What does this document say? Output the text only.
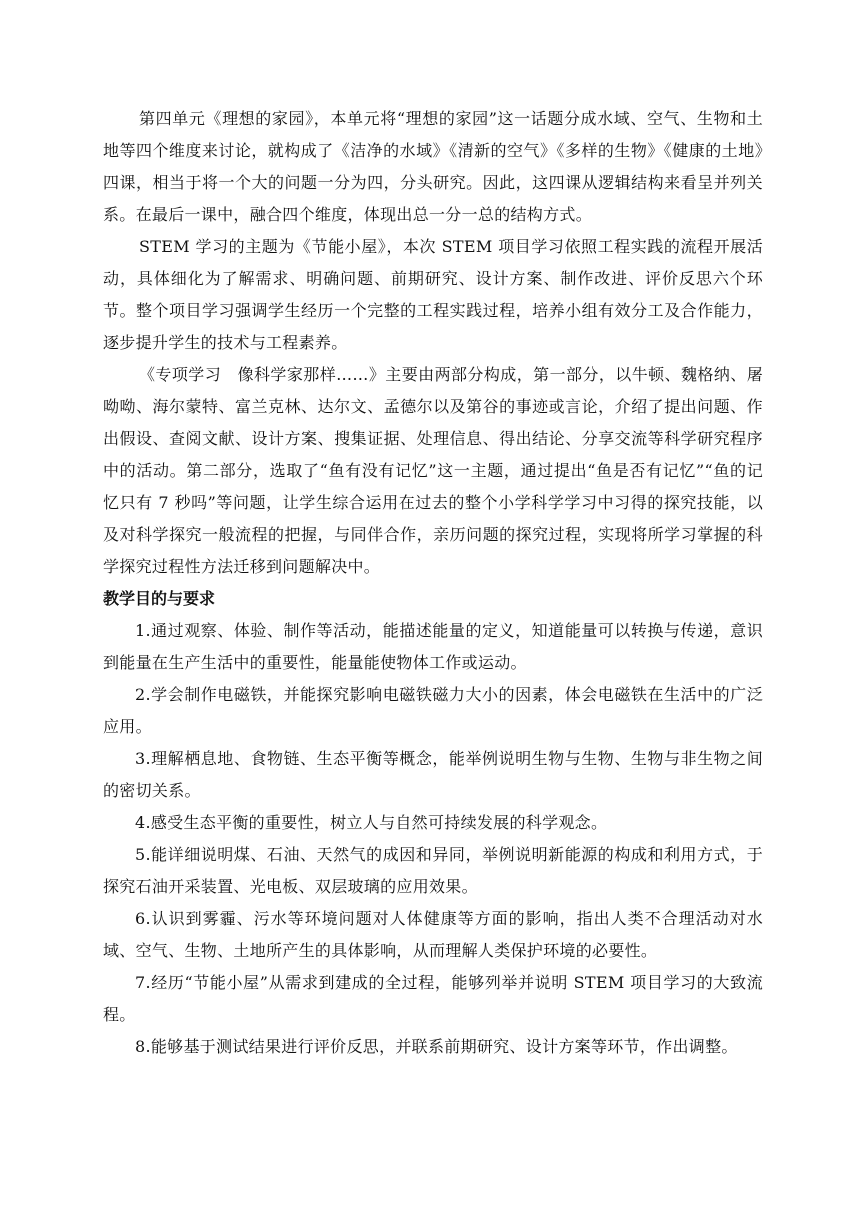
第四单元《理想的家园》，本单元将“理想的家园”这一话题分成水域、空气、生物和土地等四个维度来讨论，就构成了《洁净的水域》《清新的空气》《多样的生物》《健康的土地》四课，相当于将一个大的问题一分为四，分头研究。因此，这四课从逻辑结构来看呈并列关系。在最后一课中，融合四个维度，体现出总一分一总的结构方式。

STEM 学习的主题为《节能小屋》，本次 STEM 项目学习依照工程实践的流程开展活动，具体细化为了解需求、明确问题、前期研究、设计方案、制作改进、评价反思六个环节。整个项目学习强调学生经历一个完整的工程实践过程，培养小组有效分工及合作能力，逐步提升学生的技术与工程素养。

《专项学习　像科学家那样……》主要由两部分构成，第一部分，以牛顿、魏格纳、屠呦呦、海尔蒙特、富兰克林、达尔文、孟德尔以及第谷的事迹或言论，介绍了提出问题、作出假设、查阅文献、设计方案、搜集证据、处理信息、得出结论、分享交流等科学研究程序中的活动。第二部分，选取了“鱼有没有记忆”这一主题，通过提出“鱼是否有记忆”“鱼的记忆只有 7 秒吗”等问题，让学生综合运用在过去的整个小学科学学习中习得的探究技能，以及对科学探究一般流程的把握，与同伴合作，亲历问题的探究过程，实现将所学习掌握的科学探究过程性方法迁移到问题解决中。

教学目的与要求

1.通过观察、体验、制作等活动，能描述能量的定义，知道能量可以转换与传递，意识到能量在生产生活中的重要性，能量能使物体工作或运动。

2.学会制作电磁铁，并能探究影响电磁铁磁力大小的因素，体会电磁铁在生活中的广泛应用。

3.理解栖息地、食物链、生态平衡等概念，能举例说明生物与生物、生物与非生物之间的密切关系。

4.感受生态平衡的重要性，树立人与自然可持续发展的科学观念。

5.能详细说明煤、石油、天然气的成因和异同，举例说明新能源的构成和利用方式，于探究石油开采装置、光电板、双层玻璃的应用效果。

6.认识到雾霾、污水等环境问题对人体健康等方面的影响，指出人类不合理活动对水域、空气、生物、土地所产生的具体影响，从而理解人类保护环境的必要性。

7.经历“节能小屋”从需求到建成的全过程，能够列举并说明 STEM 项目学习的大致流程。

8.能够基于测试结果进行评价反思，并联系前期研究、设计方案等环节，作出调整。
